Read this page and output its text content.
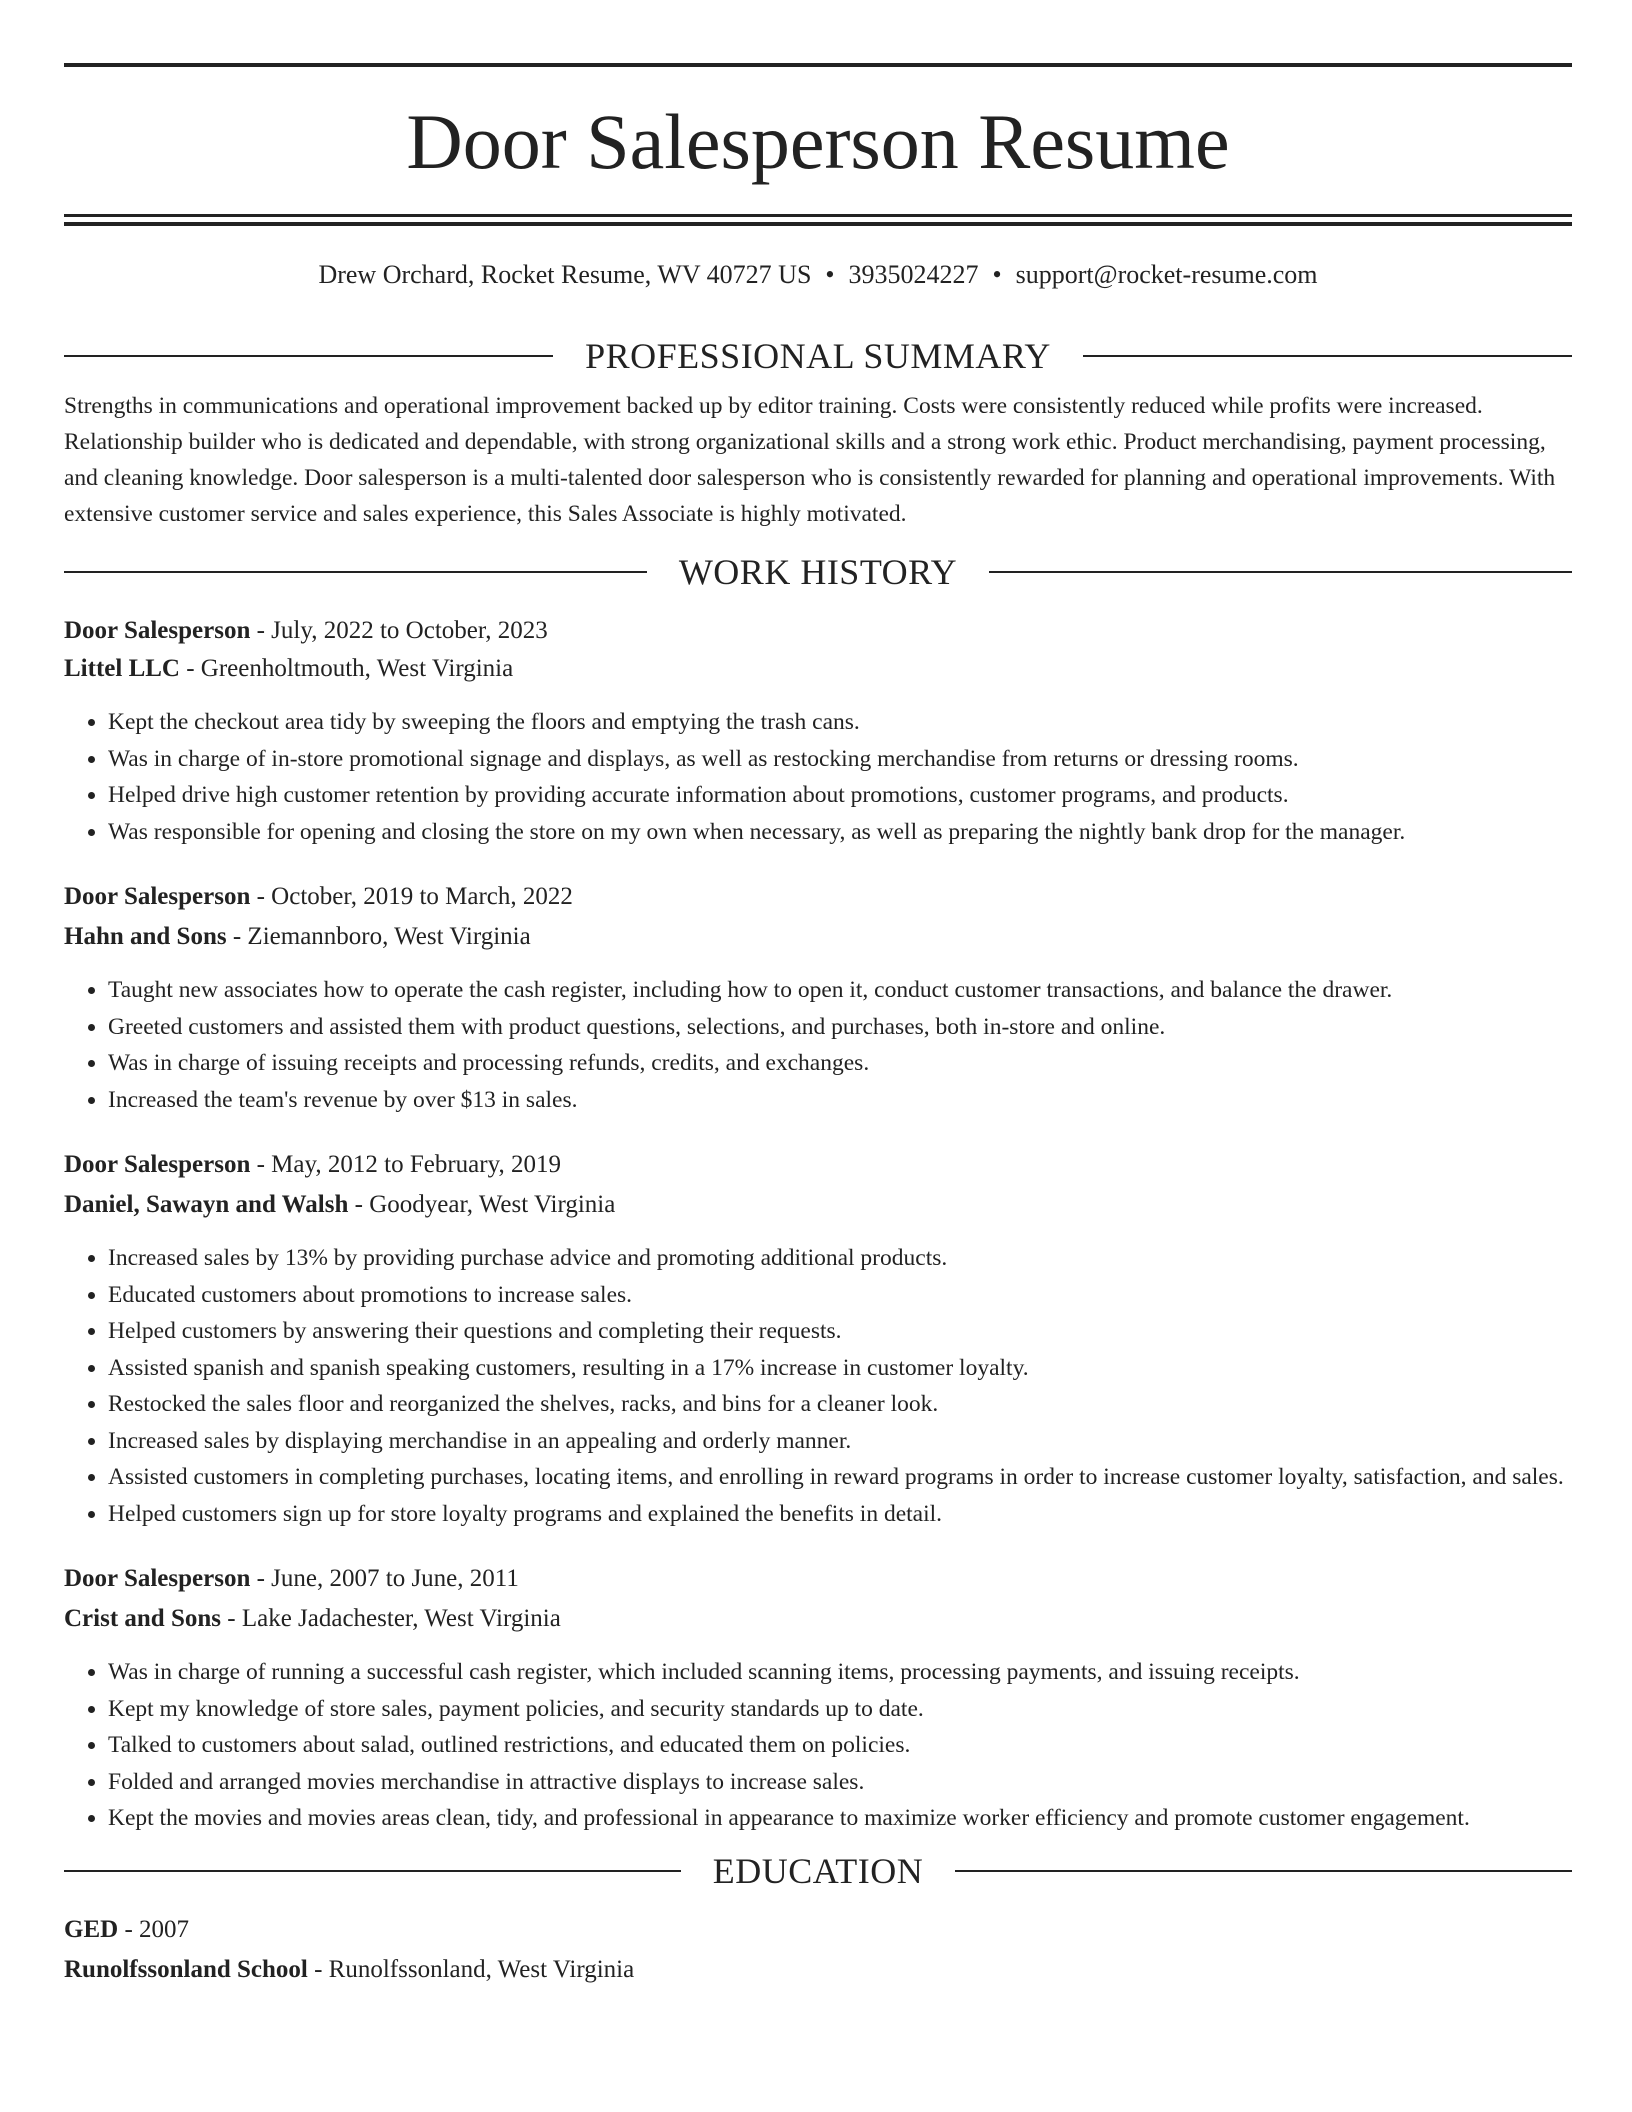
Door Salesperson Resume
Drew Orchard, Rocket Resume, WV 40727 US • 3935024227 • support@rocket-resume.com
PROFESSIONAL SUMMARY

Strengths in communications and operational improvement backed up by editor training. Costs were consistently reduced while profits were increased. Relationship builder who is dedicated and dependable, with strong organizational skills and a strong work ethic. Product merchandising, payment processing, and cleaning knowledge. Door salesperson is a multi-talented door salesperson who is consistently rewarded for planning and operational improvements. With extensive customer service and sales experience, this Sales Associate is highly motivated.

WORK HISTORY
Door Salesperson - July, 2022 to October, 2023
Littel LLC - Greenholtmouth, West Virginia
• Kept the checkout area tidy by sweeping the floors and emptying the trash cans.
• Was in charge of in-store promotional signage and displays, as well as restocking merchandise from returns or dressing rooms.
• Helped drive high customer retention by providing accurate information about promotions, customer programs, and products.
• Was responsible for opening and closing the store on my own when necessary, as well as preparing the nightly bank drop for the manager.
Door Salesperson - October, 2019 to March, 2022
Hahn and Sons - Ziemannboro, West Virginia
• Taught new associates how to operate the cash register, including how to open it, conduct customer transactions, and balance the drawer.
• Greeted customers and assisted them with product questions, selections, and purchases, both in-store and online.
• Was in charge of issuing receipts and processing refunds, credits, and exchanges.
• Increased the team's revenue by over $13 in sales.
Door Salesperson - May, 2012 to February, 2019
Daniel, Sawayn and Walsh - Goodyear, West Virginia
• Increased sales by 13% by providing purchase advice and promoting additional products.
• Educated customers about promotions to increase sales.
• Helped customers by answering their questions and completing their requests.
• Assisted spanish and spanish speaking customers, resulting in a 17% increase in customer loyalty.
• Restocked the sales floor and reorganized the shelves, racks, and bins for a cleaner look.
• Increased sales by displaying merchandise in an appealing and orderly manner.
• Assisted customers in completing purchases, locating items, and enrolling in reward programs in order to increase customer loyalty, satisfaction, and sales.
• Helped customers sign up for store loyalty programs and explained the benefits in detail.
Door Salesperson - June, 2007 to June, 2011
Crist and Sons - Lake Jadachester, West Virginia
• Was in charge of running a successful cash register, which included scanning items, processing payments, and issuing receipts.
• Kept my knowledge of store sales, payment policies, and security standards up to date.
• Talked to customers about salad, outlined restrictions, and educated them on policies.
• Folded and arranged movies merchandise in attractive displays to increase sales.
• Kept the movies and movies areas clean, tidy, and professional in appearance to maximize worker efficiency and promote customer engagement.
EDUCATION
GED - 2007
Runolfssonland School - Runolfssonland, West Virginia
